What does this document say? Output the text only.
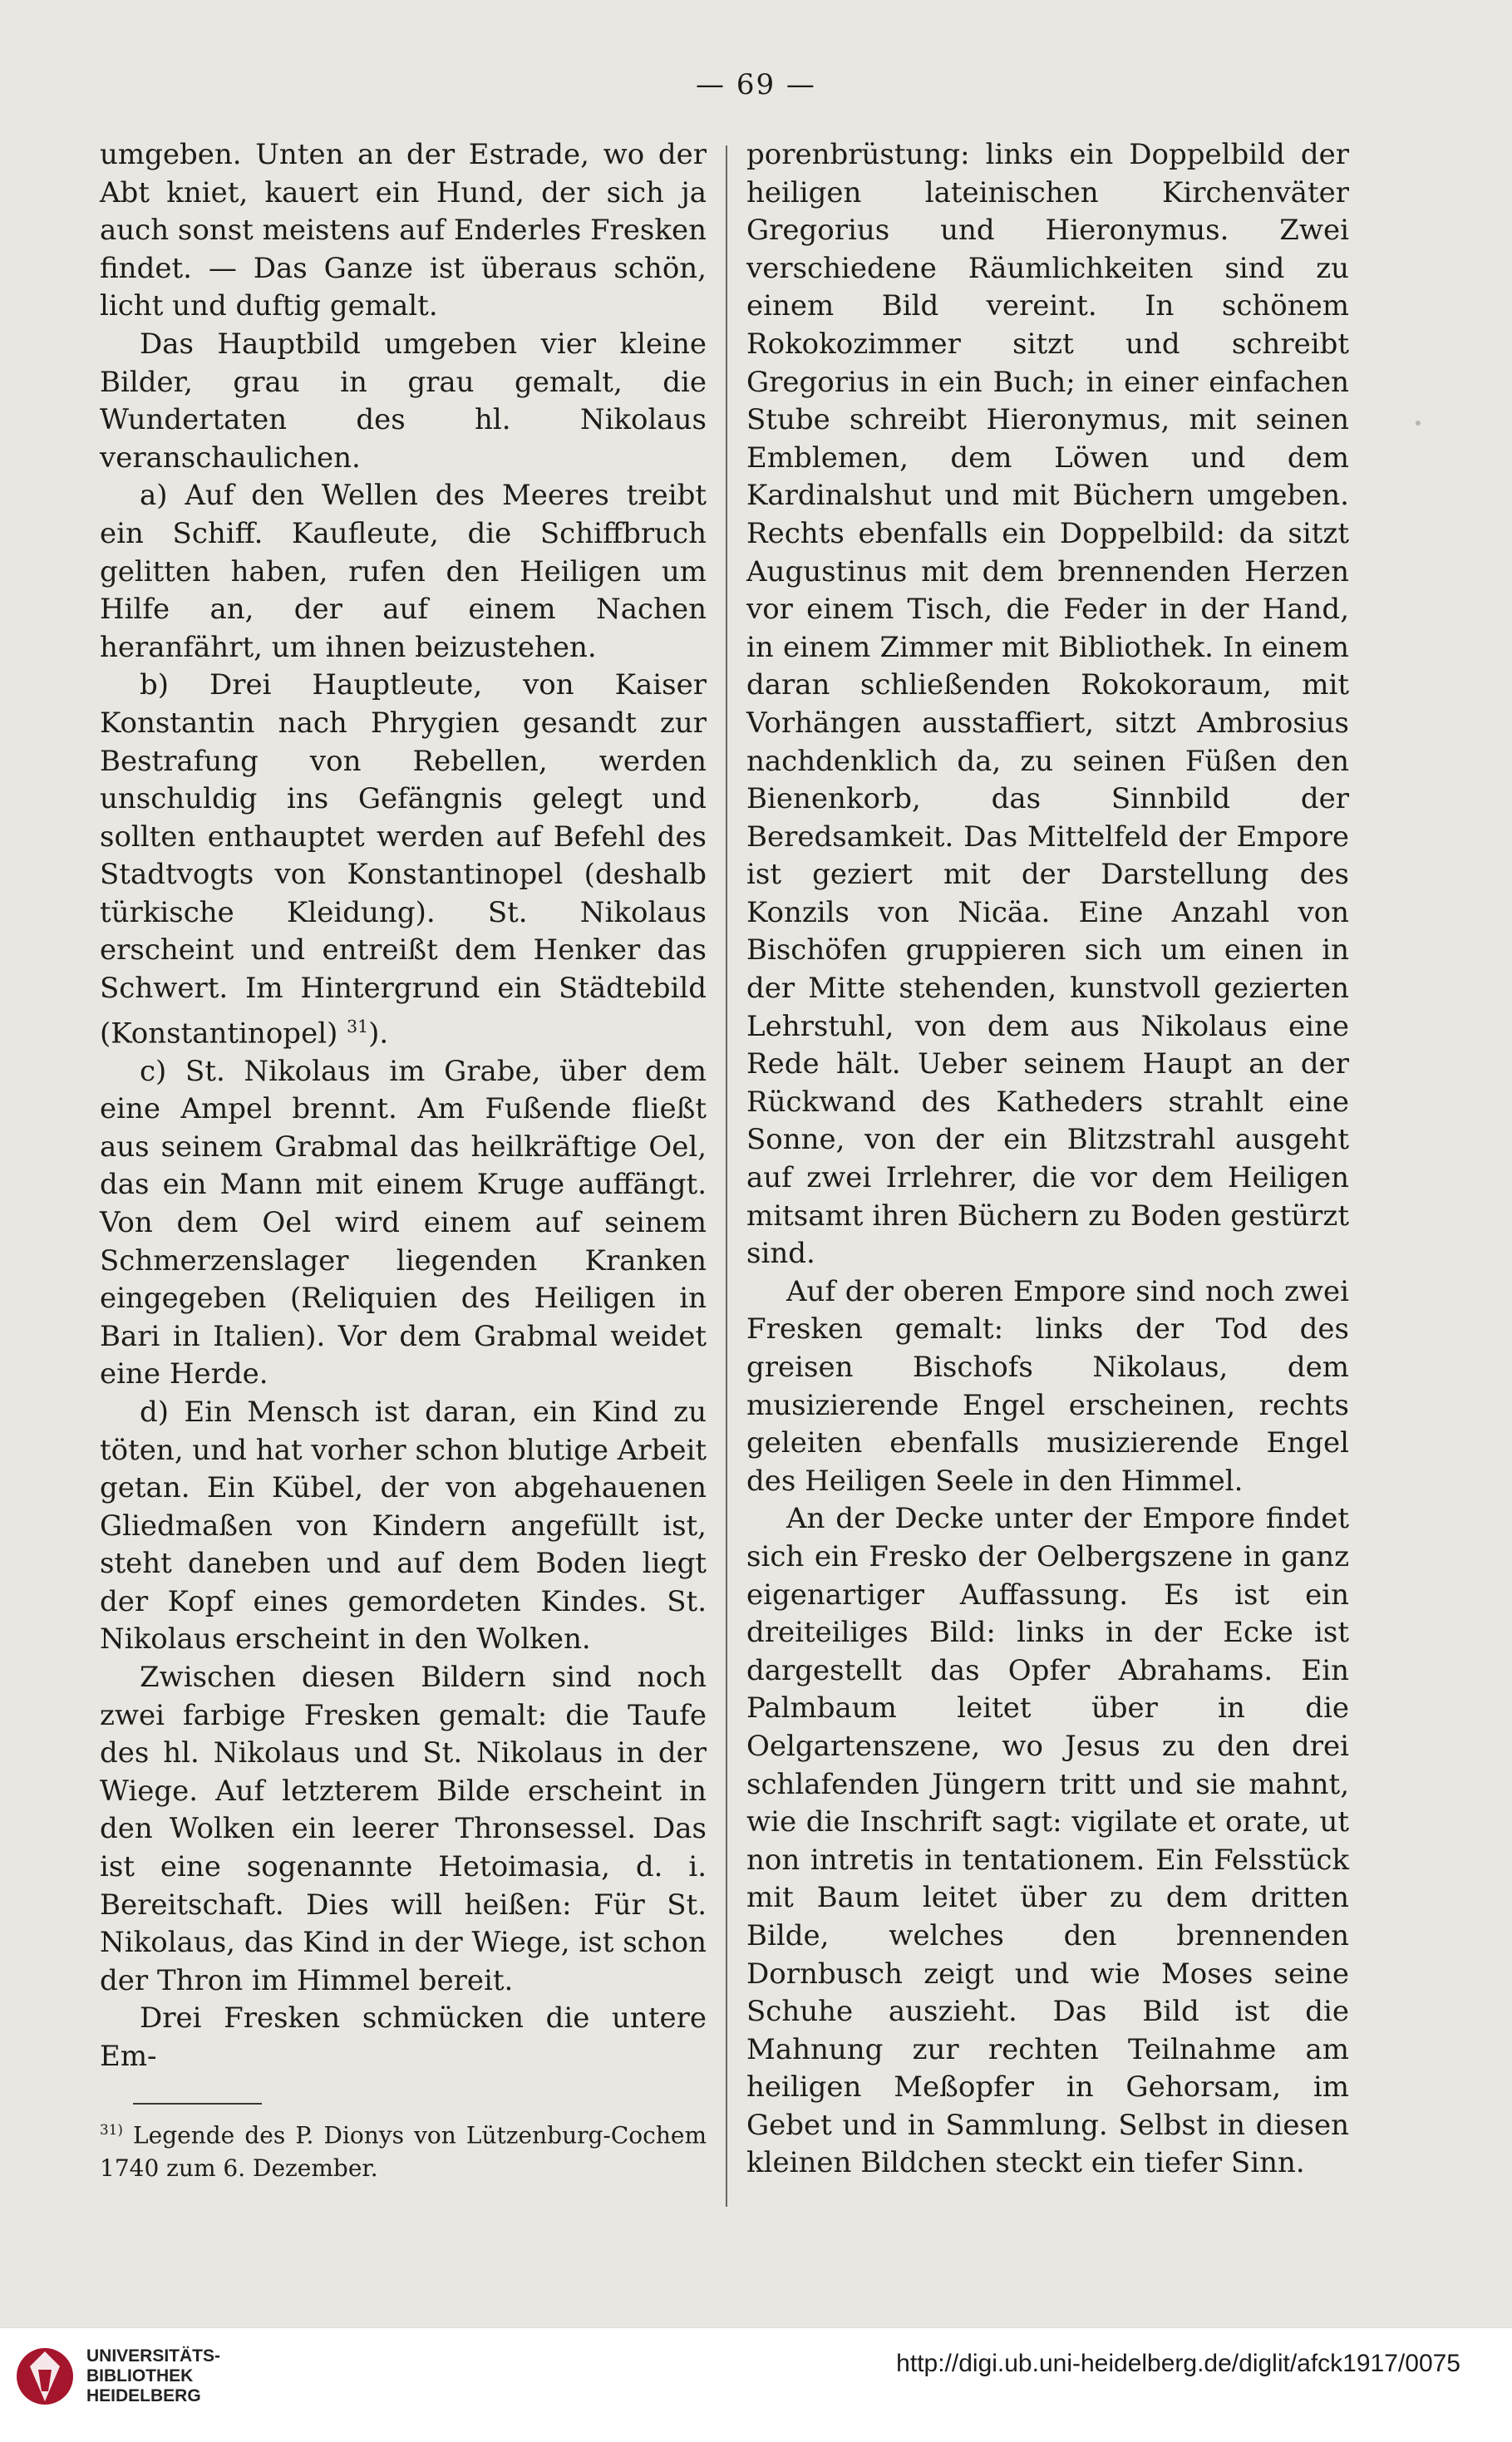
— 69 —

umgeben. Unten an der Estrade, wo der Abt kniet, kauert ein Hund, der sich ja auch sonst meistens auf Enderles Fresken findet. — Das Ganze ist überaus schön, licht und duftig gemalt.

Das Hauptbild umgeben vier kleine Bilder, grau in grau gemalt, die Wundertaten des hl. Nikolaus veranschaulichen.

a) Auf den Wellen des Meeres treibt ein Schiff. Kaufleute, die Schiffbruch gelitten haben, rufen den Heiligen um Hilfe an, der auf einem Nachen heranfährt, um ihnen beizustehen.

b) Drei Hauptleute, von Kaiser Konstantin nach Phrygien gesandt zur Bestrafung von Rebellen, werden unschuldig ins Gefängnis gelegt und sollten enthauptet werden auf Befehl des Stadtvogts von Konstantinopel (deshalb türkische Kleidung). St. Nikolaus erscheint und entreißt dem Henker das Schwert. Im Hintergrund ein Städtebild (Konstantinopel) $^{31}$).

c) St. Nikolaus im Grabe, über dem eine Ampel brennt. Am Fußende fließt aus seinem Grabmal das heilkräftige Oel, das ein Mann mit einem Kruge auffängt. Von dem Oel wird einem auf seinem Schmerzenslager liegenden Kranken eingegeben (Reliquien des Heiligen in Bari in Italien). Vor dem Grabmal weidet eine Herde.

d) Ein Mensch ist daran, ein Kind zu töten, und hat vorher schon blutige Arbeit getan. Ein Kübel, der von abgehauenen Gliedmaßen von Kindern angefüllt ist, steht daneben und auf dem Boden liegt der Kopf eines gemordeten Kindes. St. Nikolaus erscheint in den Wolken.

Zwischen diesen Bildern sind noch zwei farbige Fresken gemalt: die Taufe des hl. Nikolaus und St. Nikolaus in der Wiege. Auf letzterem Bilde erscheint in den Wolken ein leerer Thronsessel. Das ist eine sogenannte Hetoimasia, d. i. Bereitschaft. Dies will heißen: Für St. Nikolaus, das Kind in der Wiege, ist schon der Thron im Himmel bereit.

Drei Fresken schmücken die untere Em-

$^{31)}$ Legende des P. Dionys von Lützenburg-Cochem 1740 zum 6. Dezember.

porenbrüstung: links ein Doppelbild der heiligen lateinischen Kirchenväter Gregorius und Hieronymus. Zwei verschiedene Räumlichkeiten sind zu einem Bild vereint. In schönem Rokokozimmer sitzt und schreibt Gregorius in ein Buch; in einer einfachen Stube schreibt Hieronymus, mit seinen Emblemen, dem Löwen und dem Kardinalshut und mit Büchern umgeben. Rechts ebenfalls ein Doppelbild: da sitzt Augustinus mit dem brennenden Herzen vor einem Tisch, die Feder in der Hand, in einem Zimmer mit Bibliothek. In einem daran schließenden Rokokoraum, mit Vorhängen ausstaffiert, sitzt Ambrosius nachdenklich da, zu seinen Füßen den Bienenkorb, das Sinnbild der Beredsamkeit. Das Mittelfeld der Empore ist geziert mit der Darstellung des Konzils von Nicäa. Eine Anzahl von Bischöfen gruppieren sich um einen in der Mitte stehenden, kunstvoll gezierten Lehrstuhl, von dem aus Nikolaus eine Rede hält. Ueber seinem Haupt an der Rückwand des Katheders strahlt eine Sonne, von der ein Blitzstrahl ausgeht auf zwei Irrlehrer, die vor dem Heiligen mitsamt ihren Büchern zu Boden gestürzt sind.

Auf der oberen Empore sind noch zwei Fresken gemalt: links der Tod des greisen Bischofs Nikolaus, dem musizierende Engel erscheinen, rechts geleiten ebenfalls musizierende Engel des Heiligen Seele in den Himmel.

An der Decke unter der Empore findet sich ein Fresko der Oelbergszene in ganz eigenartiger Auffassung. Es ist ein dreiteiliges Bild: links in der Ecke ist dargestellt das Opfer Abrahams. Ein Palmbaum leitet über in die Oelgartenszene, wo Jesus zu den drei schlafenden Jüngern tritt und sie mahnt, wie die Inschrift sagt: vigilate et orate, ut non intretis in tentationem. Ein Felsstück mit Baum leitet über zu dem dritten Bilde, welches den brennenden Dornbusch zeigt und wie Moses seine Schuhe auszieht. Das Bild ist die Mahnung zur rechten Teilnahme am heiligen Meßopfer in Gehorsam, im Gebet und in Sammlung. Selbst in diesen kleinen Bildchen steckt ein tiefer Sinn.

UNIVERSITÄTS-
BIBLIOTHEK
HEIDELBERG
http://digi.ub.uni-heidelberg.de/diglit/afck1917/0075
